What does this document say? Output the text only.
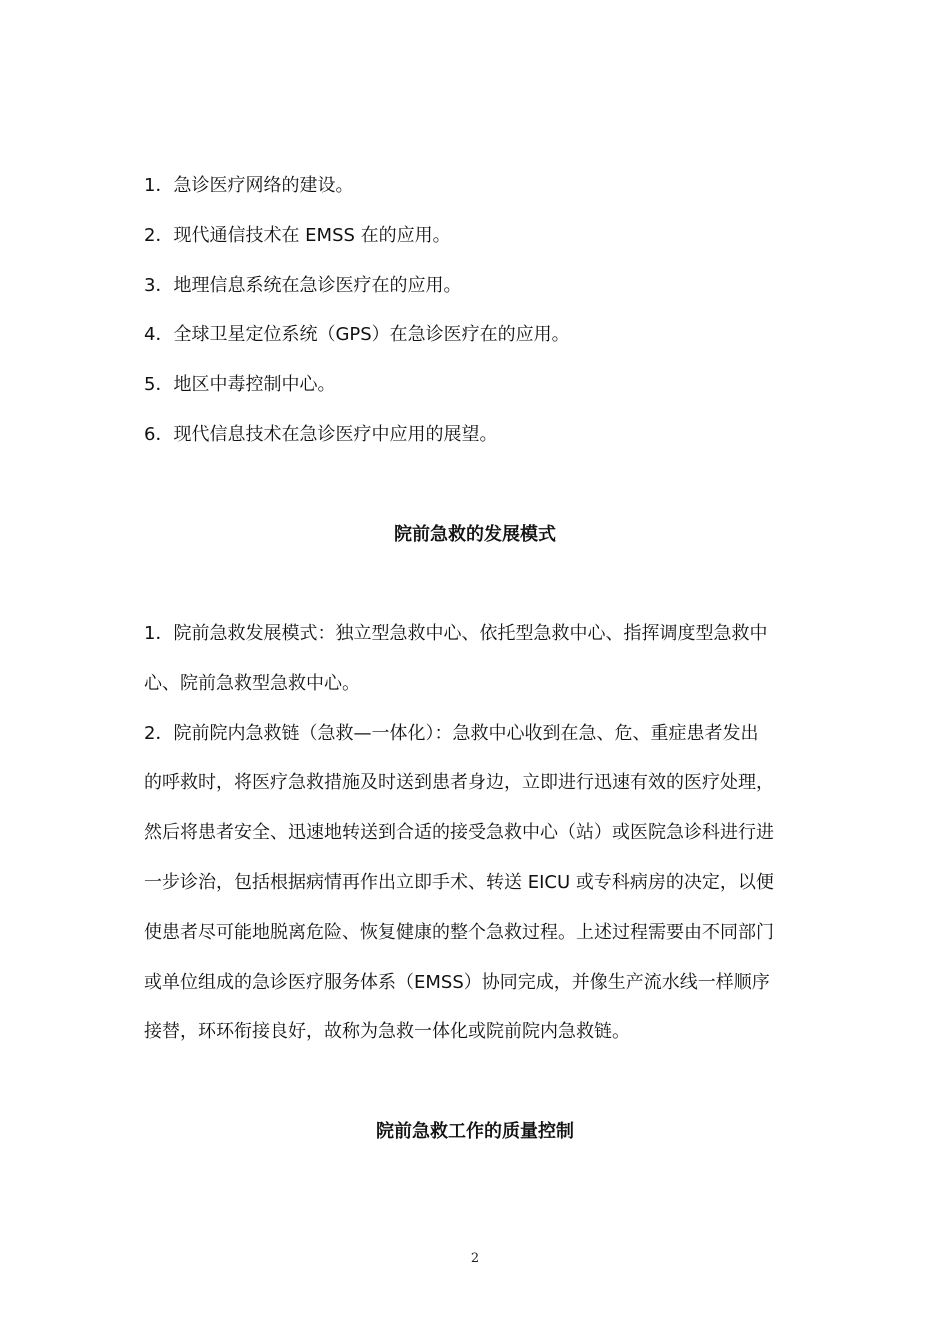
1．急诊医疗网络的建设。
2．现代通信技术在 EMSS 在的应用。
3．地理信息系统在急诊医疗在的应用。
4．全球卫星定位系统（GPS）在急诊医疗在的应用。
5．地区中毒控制中心。
6．现代信息技术在急诊医疗中应用的展望。
院前急救的发展模式
1．院前急救发展模式：独立型急救中心、依托型急救中心、指挥调度型急救中
心、院前急救型急救中心。
2．院前院内急救链（急救—一体化）：急救中心收到在急、危、重症患者发出
的呼救时，将医疗急救措施及时送到患者身边，立即进行迅速有效的医疗处理，
然后将患者安全、迅速地转送到合适的接受急救中心（站）或医院急诊科进行进
一步诊治，包括根据病情再作出立即手术、转送 EICU 或专科病房的决定，以便
使患者尽可能地脱离危险、恢复健康的整个急救过程。上述过程需要由不同部门
或单位组成的急诊医疗服务体系（EMSS）协同完成，并像生产流水线一样顺序
接替，环环衔接良好，故称为急救一体化或院前院内急救链。
院前急救工作的质量控制
2
